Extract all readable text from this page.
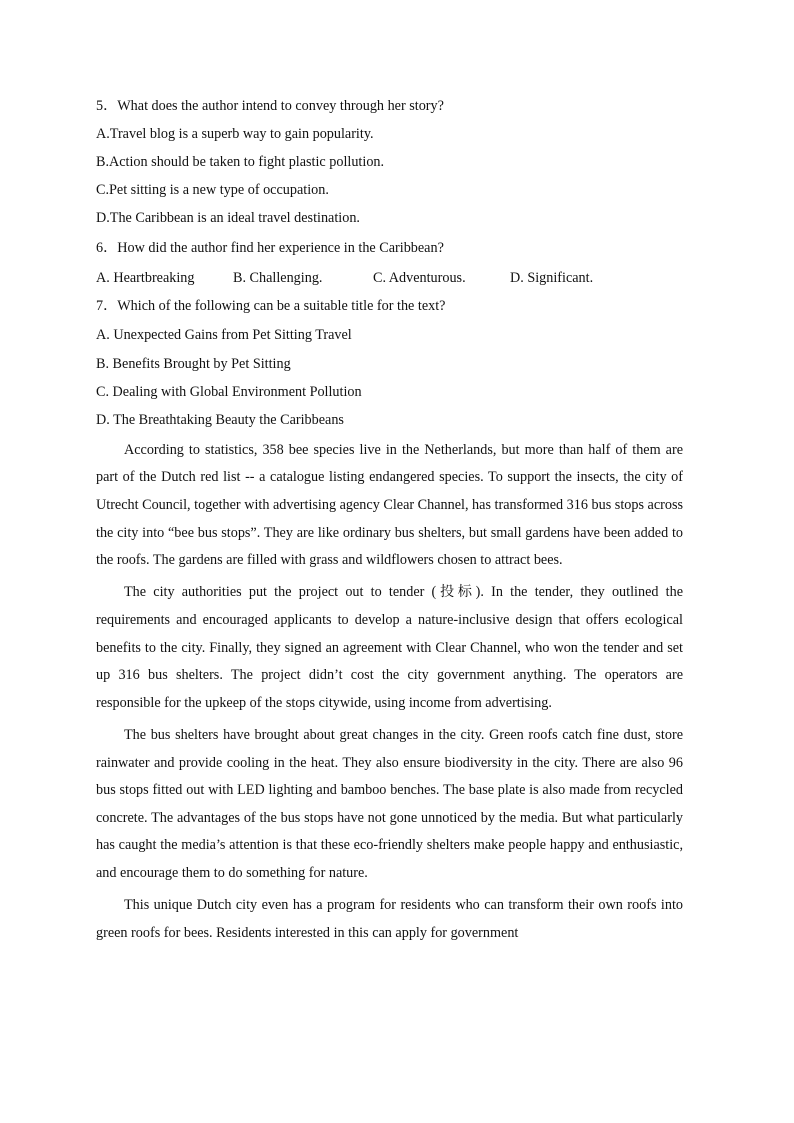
5．What does the author intend to convey through her story?

A.Travel blog is a superb way to gain popularity.

B.Action should be taken to fight plastic pollution.

C.Pet sitting is a new type of occupation.

D.The Caribbean is an ideal travel destination.

6．How did the author find her experience in the Caribbean?

A. Heartbreaking	B. Challenging.	C. Adventurous.	D. Significant.

7．Which of the following can be a suitable title for the text?

A. Unexpected Gains from Pet Sitting Travel

B. Benefits Brought by Pet Sitting

C. Dealing with Global Environment Pollution

D. The Breathtaking Beauty the Caribbeans

According to statistics, 358 bee species live in the Netherlands, but more than half of them are part of the Dutch red list -- a catalogue listing endangered species. To support the insects, the city of Utrecht Council, together with advertising agency Clear Channel, has transformed 316 bus stops across the city into “bee bus stops”. They are like ordinary bus shelters, but small gardens have been added to the roofs. The gardens are filled with grass and wildflowers chosen to attract bees.

The city authorities put the project out to tender (投标). In the tender, they outlined the requirements and encouraged applicants to develop a nature-inclusive design that offers ecological benefits to the city. Finally, they signed an agreement with Clear Channel, who won the tender and set up 316 bus shelters. The project didn’t cost the city government anything. The operators are responsible for the upkeep of the stops citywide, using income from advertising.

The bus shelters have brought about great changes in the city. Green roofs catch fine dust, store rainwater and provide cooling in the heat. They also ensure biodiversity in the city. There are also 96 bus stops fitted out with LED lighting and bamboo benches. The base plate is also made from recycled concrete. The advantages of the bus stops have not gone unnoticed by the media. But what particularly has caught the media’s attention is that these eco-friendly shelters make people happy and enthusiastic, and encourage them to do something for nature.

This unique Dutch city even has a program for residents who can transform their own roofs into green roofs for bees. Residents interested in this can apply for government
